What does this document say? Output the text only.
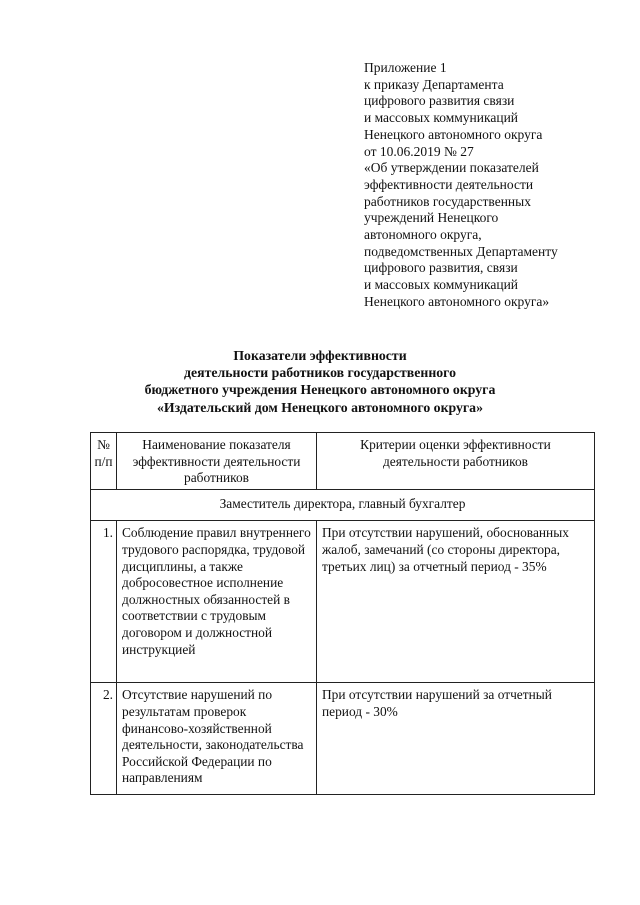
Приложение 1
к приказу Департамента
цифрового развития связи
и массовых коммуникаций
Ненецкого автономного округа
от 10.06.2019 № 27
«Об утверждении показателей
эффективности деятельности
работников государственных
учреждений Ненецкого
автономного округа,
подведомственных Департаменту
цифрового развития, связи
и массовых коммуникаций
Ненецкого автономного округа»
Показатели эффективности
деятельности работников государственного
бюджетного учреждения Ненецкого автономного округа
«Издательский дом Ненецкого автономного округа»
№ п/п	Наименование показателя эффективности деятельности работников	Критерии оценки эффективности деятельности работников
Заместитель директора, главный бухгалтер		
1.	Соблюдение правил внутреннего трудового распорядка, трудовой дисциплины, а также добросовестное исполнение должностных обязанностей в соответствии с трудовым договором и должностной инструкцией	При отсутствии нарушений, обоснованных жалоб, замечаний (со стороны директора, третьих лиц) за отчетный период - 35%
2.	Отсутствие нарушений по результатам проверок финансово-хозяйственной деятельности, законодательства Российской Федерации по направлениям	При отсутствии нарушений за отчетный период - 30%
